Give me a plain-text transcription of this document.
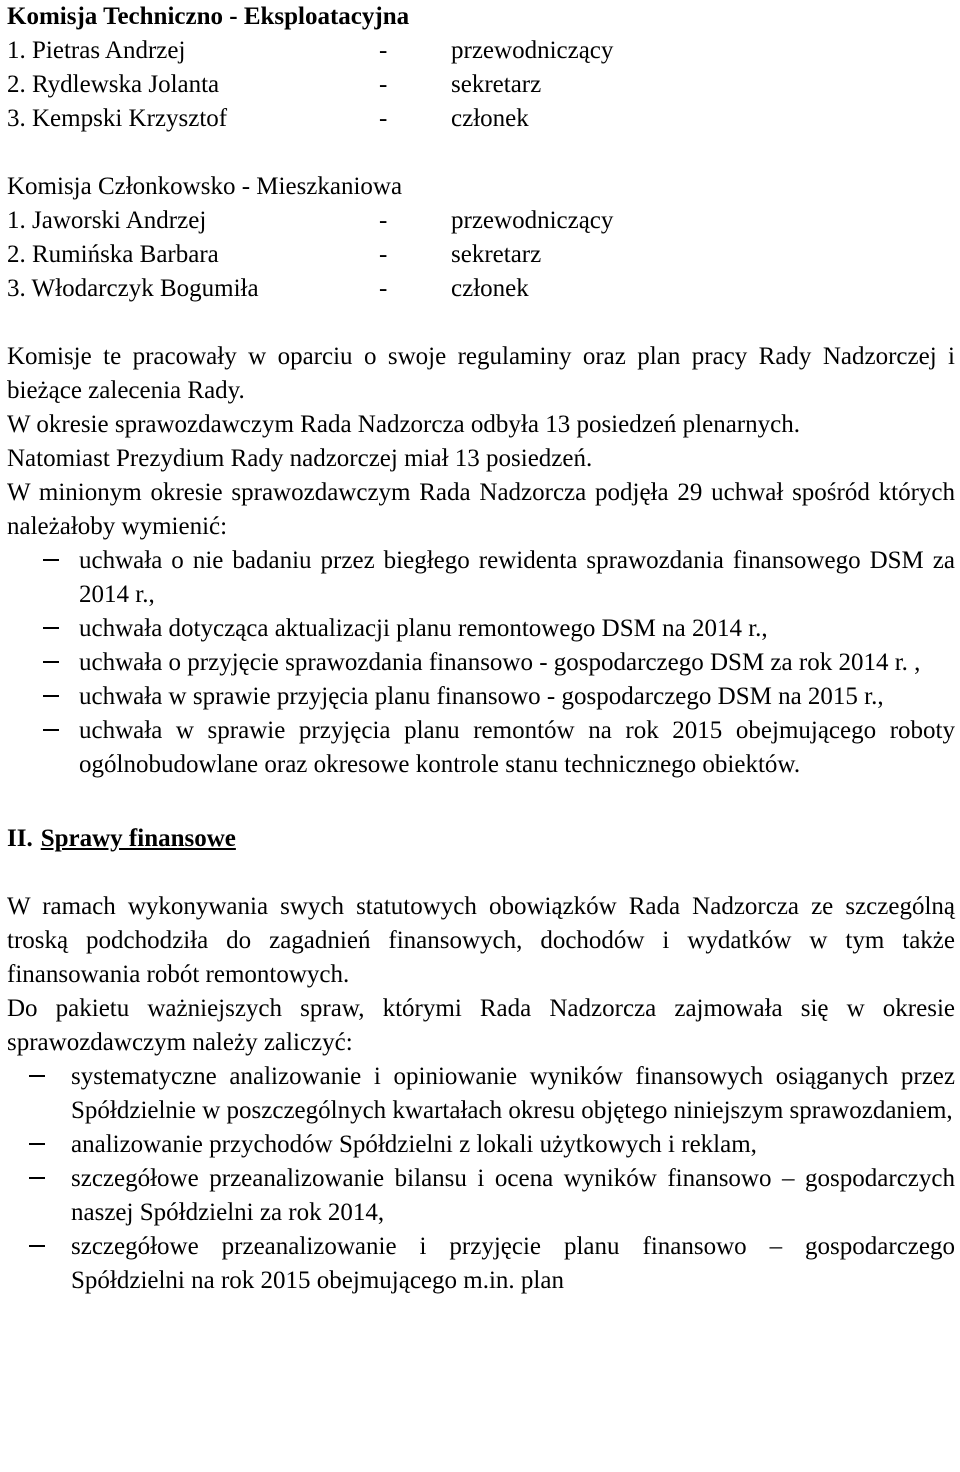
Komisja Techniczno - Eksploatacyjna
1. Pietras Andrzej	-	przewodniczący
2. Rydlewska Jolanta	-	sekretarz
3. Kempski Krzysztof	-	członek
Komisja Członkowsko - Mieszkaniowa
1. Jaworski Andrzej	-	przewodniczący
2. Rumińska Barbara	-	sekretarz
3. Włodarczyk Bogumiła	-	członek
Komisje te pracowały w oparciu o swoje regulaminy oraz plan pracy Rady Nadzorczej i bieżące zalecenia Rady.
W okresie sprawozdawczym Rada Nadzorcza odbyła 13 posiedzeń plenarnych.
Natomiast Prezydium Rady nadzorczej miał 13 posiedzeń.
W minionym okresie sprawozdawczym Rada Nadzorcza podjęła 29 uchwał spośród których należałoby wymienić:
uchwała o nie badaniu przez biegłego rewidenta sprawozdania finansowego DSM za 2014 r.,
uchwała dotycząca aktualizacji planu remontowego DSM na 2014 r.,
uchwała o przyjęcie sprawozdania finansowo - gospodarczego DSM za rok 2014 r. ,
uchwała w sprawie przyjęcia planu finansowo - gospodarczego DSM na 2015 r.,
uchwała w sprawie przyjęcia planu remontów na rok 2015 obejmującego roboty ogólnobudowlane oraz okresowe kontrole stanu technicznego obiektów.
II. Sprawy finansowe
W ramach wykonywania swych statutowych obowiązków Rada Nadzorcza ze szczególną troską podchodziła do zagadnień finansowych, dochodów i wydatków w tym także finansowania robót remontowych.
Do pakietu ważniejszych spraw, którymi Rada Nadzorcza zajmowała się w okresie sprawozdawczym należy zaliczyć:
systematyczne analizowanie i opiniowanie wyników finansowych osiąganych przez Spółdzielnie w poszczególnych kwartałach okresu objętego niniejszym sprawozdaniem,
analizowanie przychodów Spółdzielni z lokali użytkowych i reklam,
szczegółowe przeanalizowanie bilansu i ocena wyników finansowo – gospodarczych naszej Spółdzielni za rok 2014,
szczegółowe przeanalizowanie i przyjęcie planu finansowo – gospodarczego Spółdzielni na rok 2015 obejmującego m.in. plan
